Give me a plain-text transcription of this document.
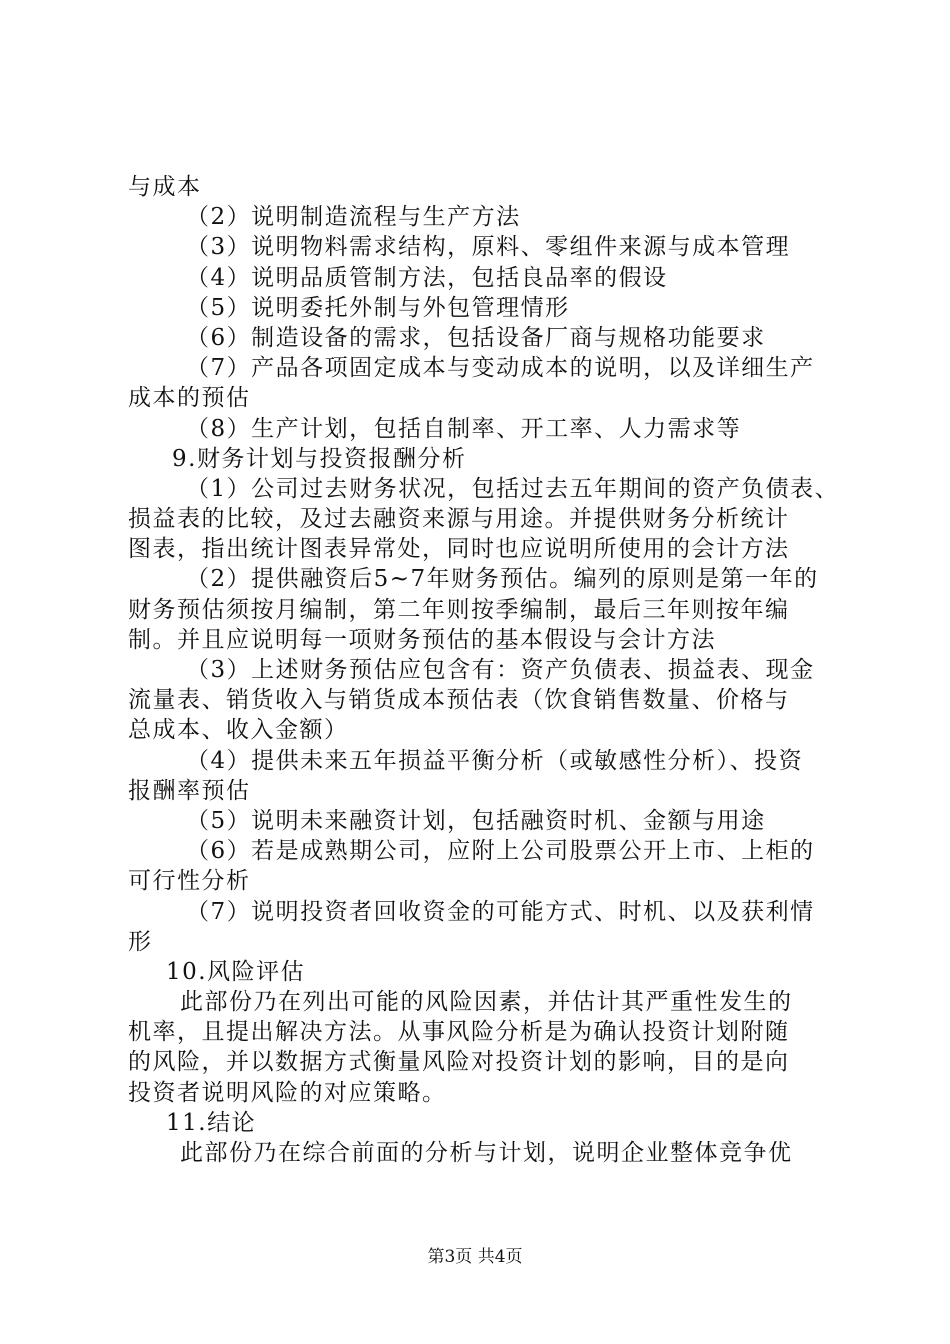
与成本
（2）说明制造流程与生产方法
（3）说明物料需求结构，原料、零组件来源与成本管理
（4）说明品质管制方法，包括良品率的假设
（5）说明委托外制与外包管理情形
（6）制造设备的需求，包括设备厂商与规格功能要求
（7）产品各项固定成本与变动成本的说明，以及详细生产
成本的预估
（8）生产计划，包括自制率、开工率、人力需求等
9.财务计划与投资报酬分析
（1）公司过去财务状况，包括过去五年期间的资产负债表、
损益表的比较，及过去融资来源与用途。并提供财务分析统计
图表，指出统计图表异常处，同时也应说明所使用的会计方法
（2）提供融资后5~7年财务预估。编列的原则是第一年的
财务预估须按月编制，第二年则按季编制，最后三年则按年编
制。并且应说明每一项财务预估的基本假设与会计方法
（3）上述财务预估应包含有：资产负债表、损益表、现金
流量表、销货收入与销货成本预估表（饮食销售数量、价格与
总成本、收入金额）
（4）提供未来五年损益平衡分析（或敏感性分析）、投资
报酬率预估
（5）说明未来融资计划，包括融资时机、金额与用途
（6）若是成熟期公司，应附上公司股票公开上市、上柜的
可行性分析
（7）说明投资者回收资金的可能方式、时机、以及获利情
形
10.风险评估
此部份乃在列出可能的风险因素，并估计其严重性发生的
机率，且提出解决方法。从事风险分析是为确认投资计划附随
的风险，并以数据方式衡量风险对投资计划的影响，目的是向
投资者说明风险的对应策略。
11.结论
此部份乃在综合前面的分析与计划，说明企业整体竞争优
第3页 共4页
